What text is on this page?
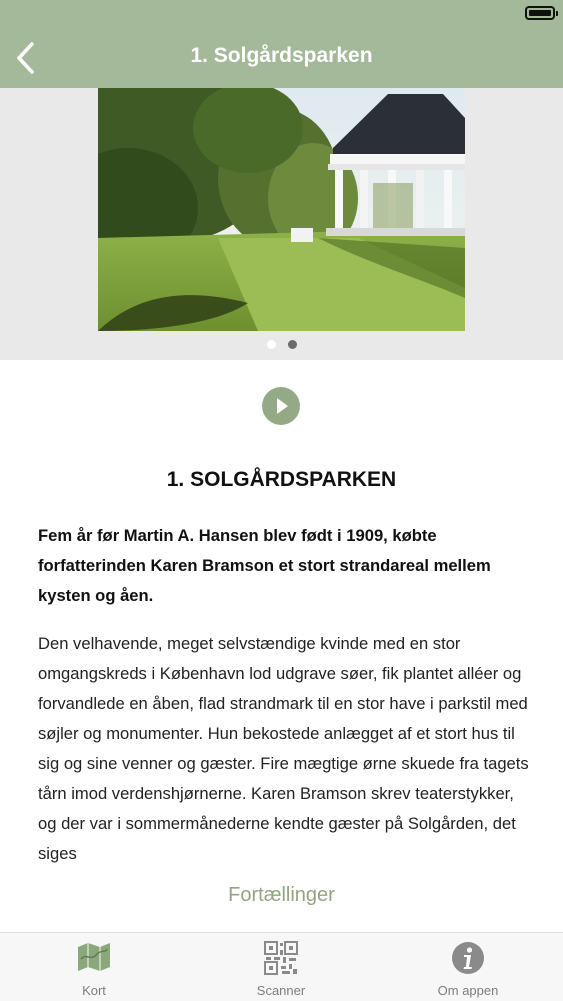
1. Solgårdsparken

1. SOLGÅRDSPARKEN

Fem år før Martin A. Hansen blev født i 1909, købte forfatterinden Karen Bramson et stort strandareal mellem kysten og åen.

Den velhavende, meget selvstændige kvinde med en stor omgangskreds i København lod udgrave søer, fik plantet alléer og forvandlede en åben, flad strandmark til en stor have i parkstil med søjler og monumenter. Hun bekostede anlægget af et stort hus til sig og sine venner og gæster. Fire mægtige ørne skuede fra tagets tårn imod verdenshjørnerne. Karen Bramson skrev teaterstykker, og der var i sommermånederne kendte gæster på Solgården, det siges

Fortællinger
Kort	Scanner	Om appen
